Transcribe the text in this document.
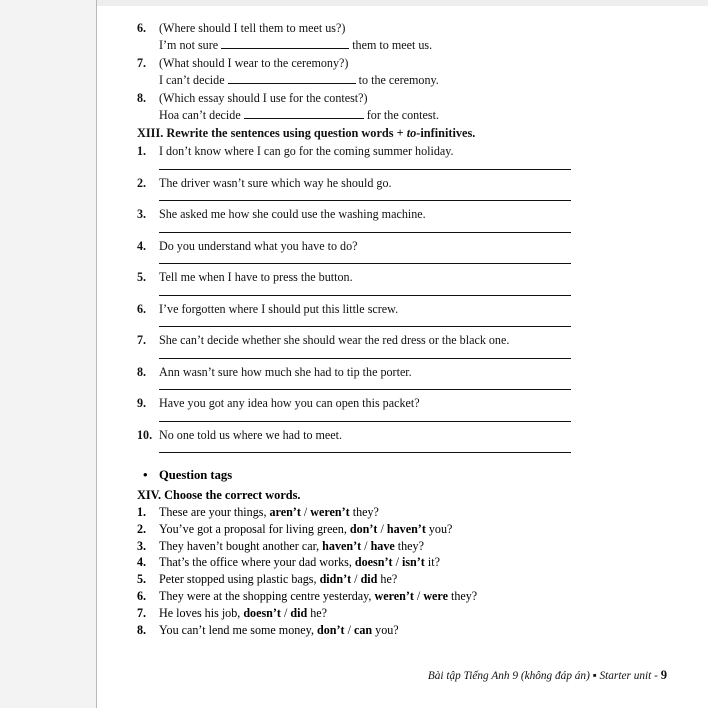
6.	(Where should I tell them to meet us?)
I’m not sure	them to meet us.
7.	(What should I wear to the ceremony?)
I can’t decide	to the ceremony.
8.	(Which essay should I use for the contest?)
Hoa can’t decide	for the contest.
XIII. Rewrite the sentences using question words + to-infinitives.
1.	I don’t know where I can go for the coming summer holiday.
2.	The driver wasn’t sure which way he should go.
3.	She asked me how she could use the washing machine.
4.	Do you understand what you have to do?
5.	Tell me when I have to press the button.
6.	I’ve forgotten where I should put this little screw.
7.	She can’t decide whether she should wear the red dress or the black one.
8.	Ann wasn’t sure how much she had to tip the porter.
9.	Have you got any idea how you can open this packet?
10. No one told us where we had to meet.
• Question tags
XIV. Choose the correct words.
1.	These are your things, aren’t / weren’t they?
2.	You’ve got a proposal for living green, don’t / haven’t you?
3.	They haven’t bought another car, haven’t / have they?
4.	That’s the office where your dad works, doesn’t / isn’t it?
5.	Peter stopped using plastic bags, didn’t / did he?
6.	They were at the shopping centre yesterday, weren’t / were they?
7.	He loves his job, doesn’t / did he?
8.	You can’t lend me some money, don’t / can you?
Bài tập Tiếng Anh 9 (không đáp án) ▪ Starter unit - 9
